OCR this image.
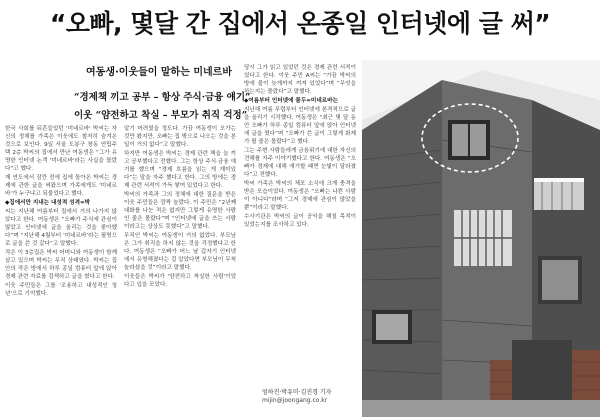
“오빠, 몇달 간 집에서 온종일 인터넷에 글 써”
여동생·이웃들이 말하는 미네르바
“경제책 끼고 공부 – 항상 주식·금융 얘기”
이웃 “얌전하고 착실 – 부모가 취직 걱정”

한국 사회를 뒤흔들었던 '미네르바' 박씨는 자신의 정체를 가족은 이웃에도 철저히 숨겨온 것으로 보인다. 9일 서울 도봉구 창동 연립주택 2층 박씨의 집에서 만난 여동생은 “그가 유명한 인터넷 논객 '미네르바'라는 사실을 몰랐다”고 했다.

재 연도에서 잠깐 전에 집에 돌아온 박씨는 경제에 관한 글을 써왔으며 가족에게도 '미네르바'가 누구냐고 되물었다고 했다.

◆집에서만 지내는 내성적 성격=박

씨는 지난해 여름부터 집에서 거의 나가지 않았다고 한다. 여동생은 “오빠가 주식에 관심이 많았고 인터넷에 글을 올리는 것을 좋아했다”며 “지난해 4월부터 ‘미네르바’라는 필명으로 글을 쓴 것 같다”고 말했다.

작은 이 3층집은 박씨 어머니와 여동생이 함께 살고 있으며 박씨는 무직 상태였다. 박씨는 집 안의 작은 방에서 하루 종일 컴퓨터 앞에 앉아 경제 관련 자료를 검색하고 글을 썼다고 한다.

이웃 주민들은 그를 '조용하고 내성적인 청년'으로 기억했다.

알기 어려웠을 정도다. 가끔 여동생이 오가는 것만 봤지만, 오빠는 집 밖으로 나오는 것을 본 일이 거의 없다”고 말했다.

하지만 여동생은 박씨는 경제 관련 책을 늘 끼고 공부했다고 전했다. 그는 항상 주식·금융 얘기를 했으며 “경제 흐름을 읽는 게 재미있다”는 말을 자주 했다고 한다. 그의 방에는 경제 관련 서적이 가득 쌓여 있었다고 한다.

박씨의 가족과 그의 정체에 대한 질문을 받은 이웃 주민들은 깜짝 놀랐다. 이 주민은 “2년째 대화를 나눈 적은 없지만 그렇게 유명한 사람인 줄은 몰랐다”며 “인터넷에 글을 쓰는 사람이라고는 상상도 못했다”고 말했다.

무직인 박씨는 여동생이 거의 없었다. 부모님은 그가 취직을 하지 않는 것을 걱정했다고 한다. 여동생은 “오빠가 어느 날 갑자기 인터넷에서 유명해졌다는 걸 알았다면 부모님이 무척 놀라셨을 것”이라고 말했다.

이웃들은 박씨가 '얌전하고 착실한 사람'이었다고 입을 모았다.

당시 그가 읽고 있었던 것은 경제 관련 서적이었다고 한다. 이웃 주민 A씨는 “가끔 박씨의 방에 불이 늦게까지 켜져 있었다”며 “무엇을 하는지는 몰랐다”고 말했다.

◆여름부터 인터넷에 몰두=미네르바는

지난해 여름 무렵부터 인터넷에 본격적으로 글을 올리기 시작했다. 여동생은 “최근 몇 달 동안 오빠가 하루 종일 컴퓨터 앞에 앉아 인터넷에 글을 썼다”며 “오빠가 쓴 글이 그렇게 화제가 될 줄은 몰랐다”고 했다.

그는 주변 사람들에게 금융위기에 대한 자신의 견해를 자주 이야기했다고 한다. 여동생은 “오빠가 경제에 대해 얘기할 때면 눈빛이 달라졌다”고 전했다.

박씨 가족은 박씨의 체포 소식에 크게 충격을 받은 모습이었다. 여동생은 “오빠는 나쁜 사람이 아니다”라며 “그저 경제에 관심이 많았을 뿐”이라고 말했다.

수사기관은 박씨의 글이 공익을 해칠 목적이 있었는지를 조사하고 있다.

엄하진·박유미·김진경 기자
mijin@joongang.co.kr
